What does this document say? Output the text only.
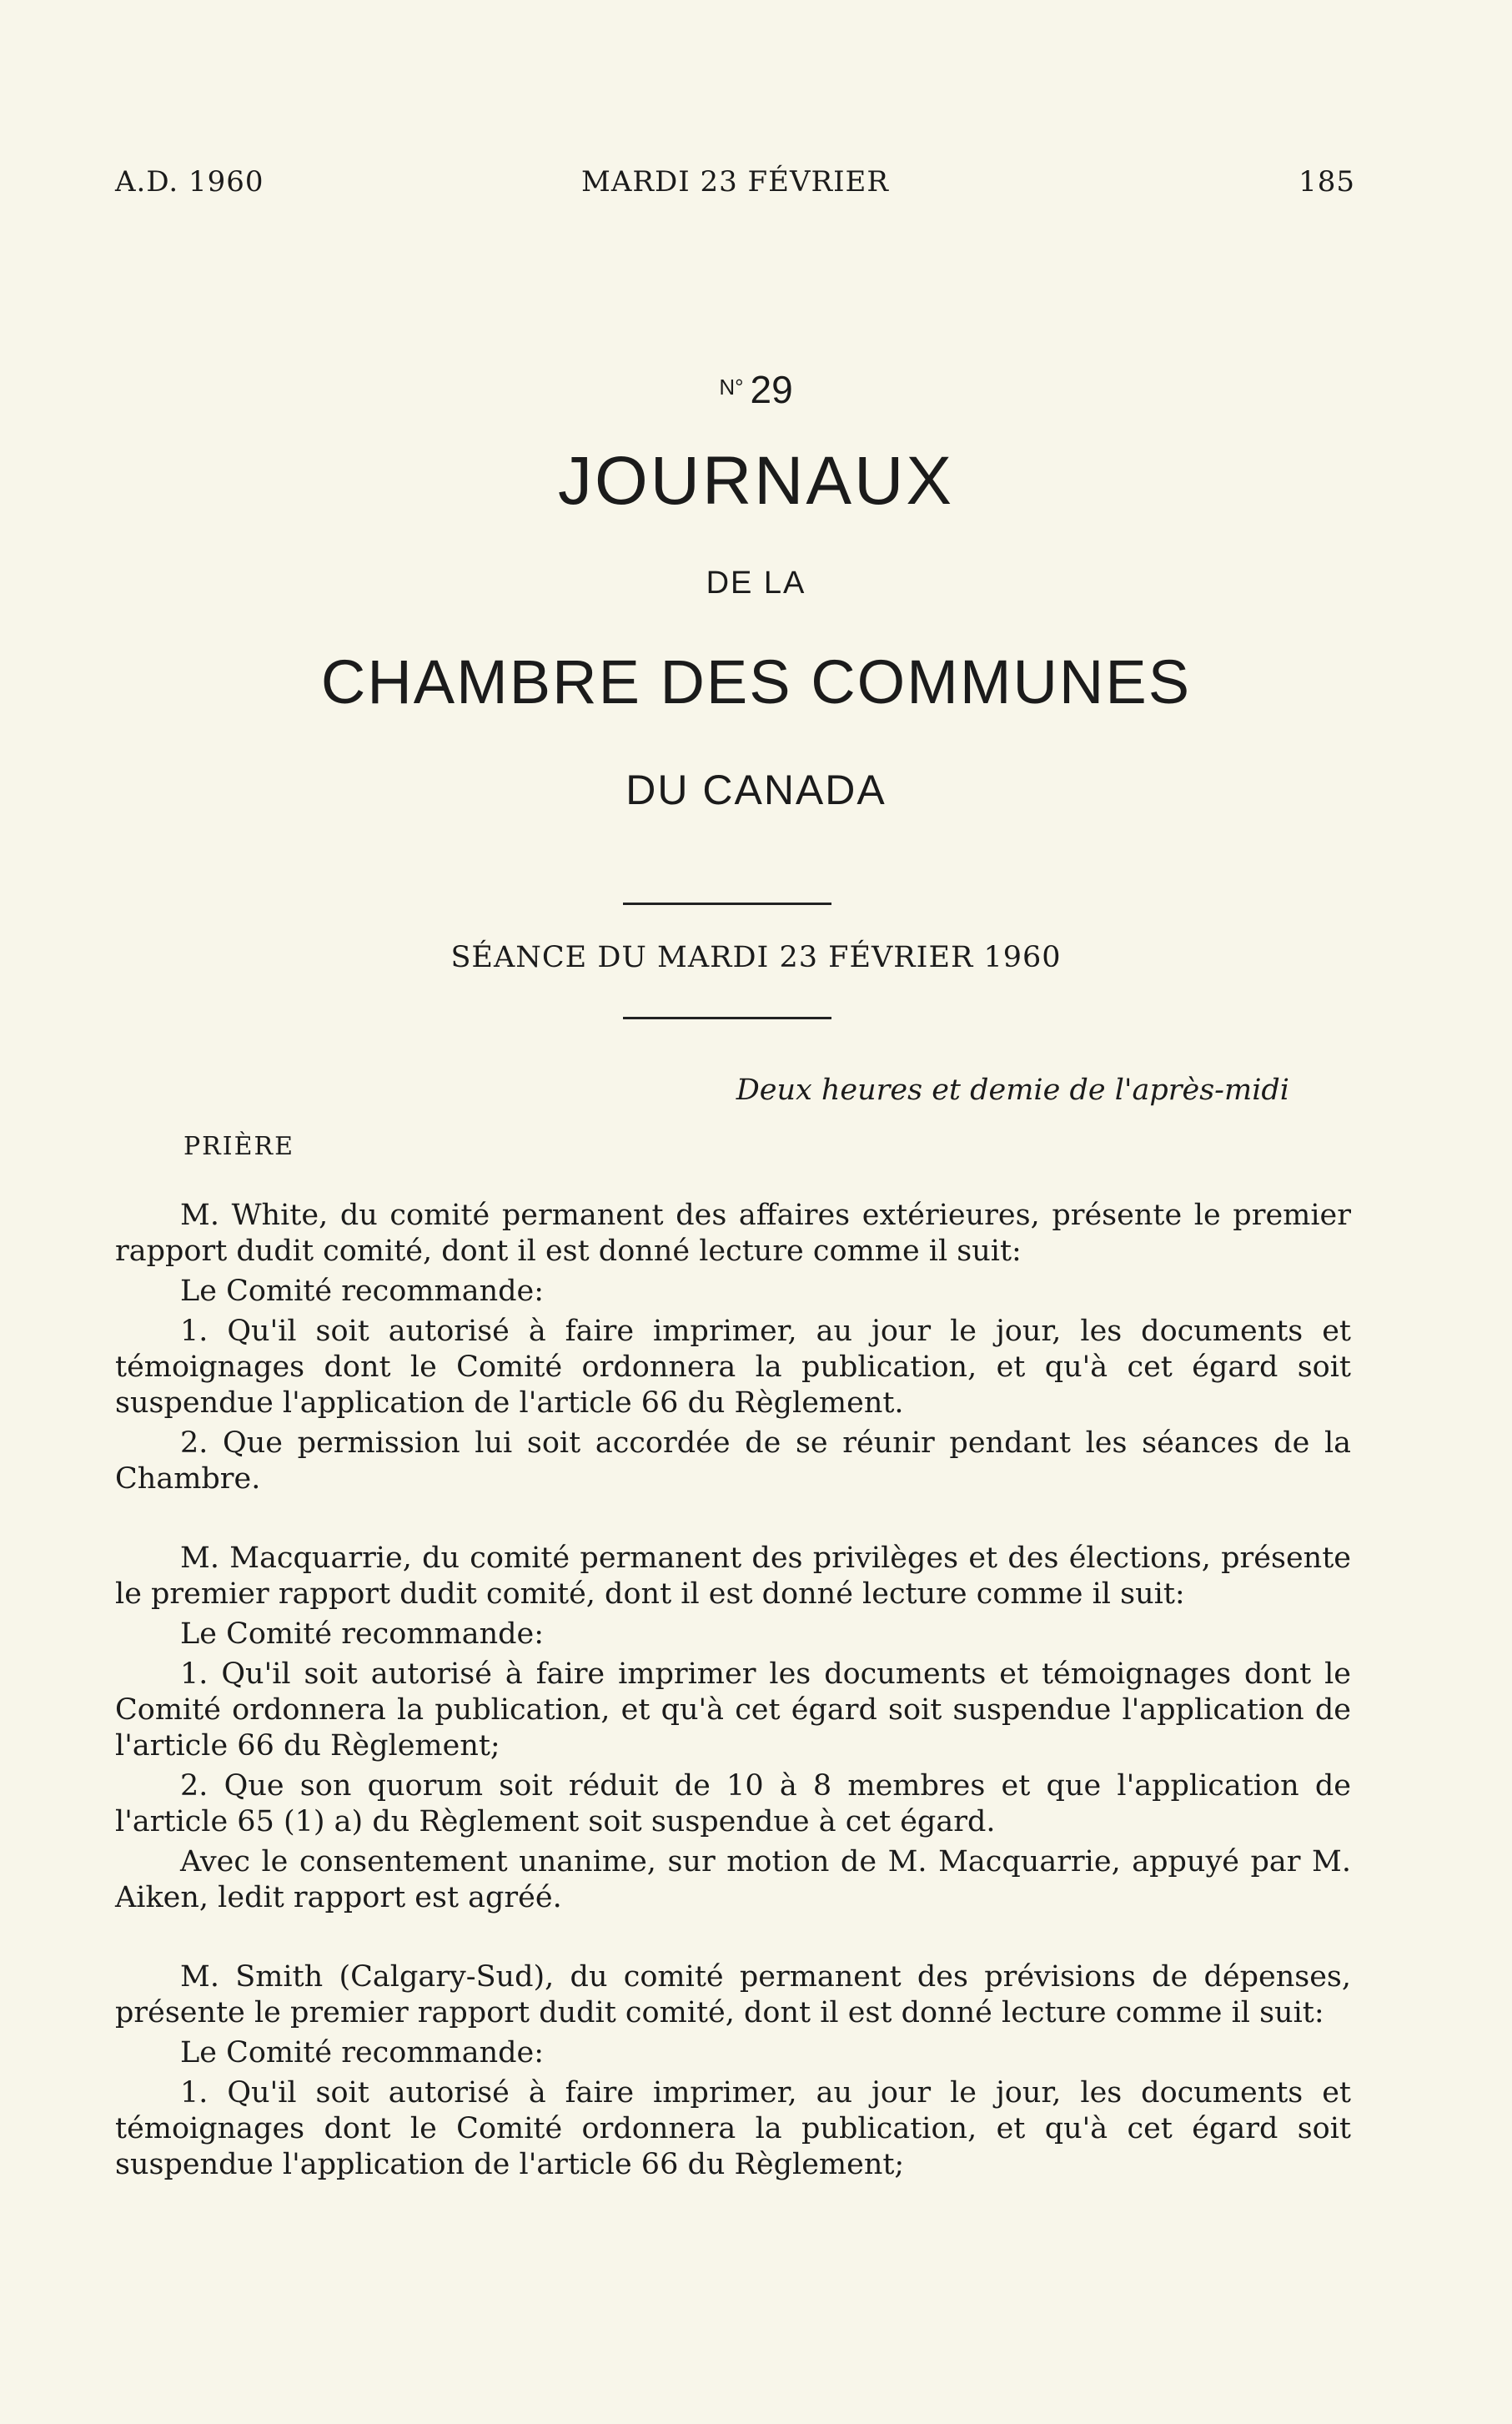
A.D. 1960	MARDI 23 FÉVRIER	185
$^{N^\circ}$ 29
JOURNAUX
DE LA
CHAMBRE DES COMMUNES
DU CANADA
SÉANCE DU MARDI 23 FÉVRIER 1960
Deux heures et demie de l'après-midi
PRIÈRE

M. White, du comité permanent des affaires extérieures, présente le premier rapport dudit comité, dont il est donné lecture comme il suit:

Le Comité recommande:

1. Qu'il soit autorisé à faire imprimer, au jour le jour, les documents et témoignages dont le Comité ordonnera la publication, et qu'à cet égard soit suspendue l'application de l'article 66 du Règlement.

2. Que permission lui soit accordée de se réunir pendant les séances de la Chambre.

M. Macquarrie, du comité permanent des privilèges et des élections, présente le premier rapport dudit comité, dont il est donné lecture comme il suit:

Le Comité recommande:

1. Qu'il soit autorisé à faire imprimer les documents et témoignages dont le Comité ordonnera la publication, et qu'à cet égard soit suspendue l'application de l'article 66 du Règlement;

2. Que son quorum soit réduit de 10 à 8 membres et que l'application de l'article 65 (1) a) du Règlement soit suspendue à cet égard.

Avec le consentement unanime, sur motion de M. Macquarrie, appuyé par M. Aiken, ledit rapport est agréé.

M. Smith (Calgary-Sud), du comité permanent des prévisions de dépenses, présente le premier rapport dudit comité, dont il est donné lecture comme il suit:

Le Comité recommande:

1. Qu'il soit autorisé à faire imprimer, au jour le jour, les documents et témoignages dont le Comité ordonnera la publication, et qu'à cet égard soit suspendue l'application de l'article 66 du Règlement;
